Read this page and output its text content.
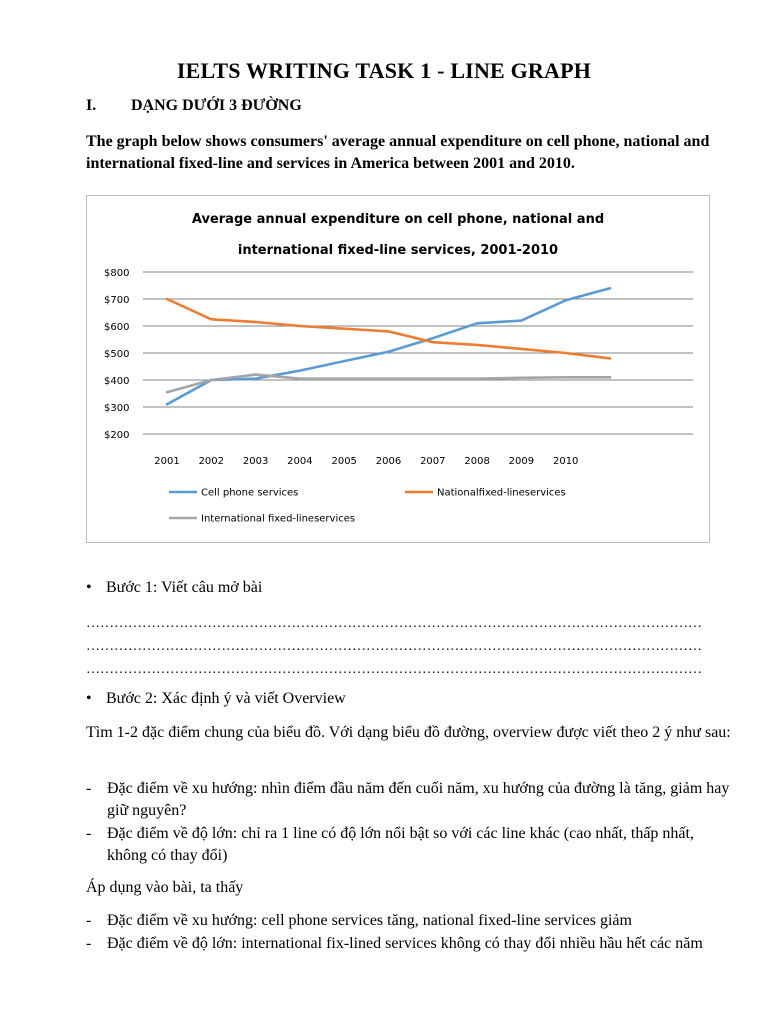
IELTS WRITING TASK 1 - LINE GRAPH
I. DẠNG DƯỚI 3 ĐƯỜNG
The graph below shows consumers' average annual expenditure on cell phone, national and international fixed-line and services in America between 2001 and 2010.
$800
$700
$600
$500
$400
$300
$200
2001 2002 2003 2004 2005 2006 2007 2008 2009 2010
Average annual expenditure on cell phone, national and
international fixed-line services, 2001-2010
Cell phone services	Nationalfixed-lineservices
International fixed-lineservices
• Bước 1: Viết câu mở bài
……………………………………………………………………………………………………………………
……………………………………………………………………………………………………………………
……………………………………………………………………………………………………………………
• Bước 2: Xác định ý và viết Overview
Tìm 1-2 đặc điểm chung của biểu đồ. Với dạng biểu đồ đường, overview được viết theo 2 ý như sau:
- Đặc điểm về xu hướng: nhìn điểm đầu năm đến cuối năm, xu hướng của đường là tăng, giảm hay giữ nguyên?
- Đặc điểm về độ lớn: chỉ ra 1 line có độ lớn nổi bật so với các line khác (cao nhất, thấp nhất, không có thay đổi)
Áp dụng vào bài, ta thấy
- Đặc điểm về xu hướng: cell phone services tăng, national fixed-line services giảm
- Đặc điểm về độ lớn: international fix-lined services không có thay đổi nhiều hầu hết các năm
